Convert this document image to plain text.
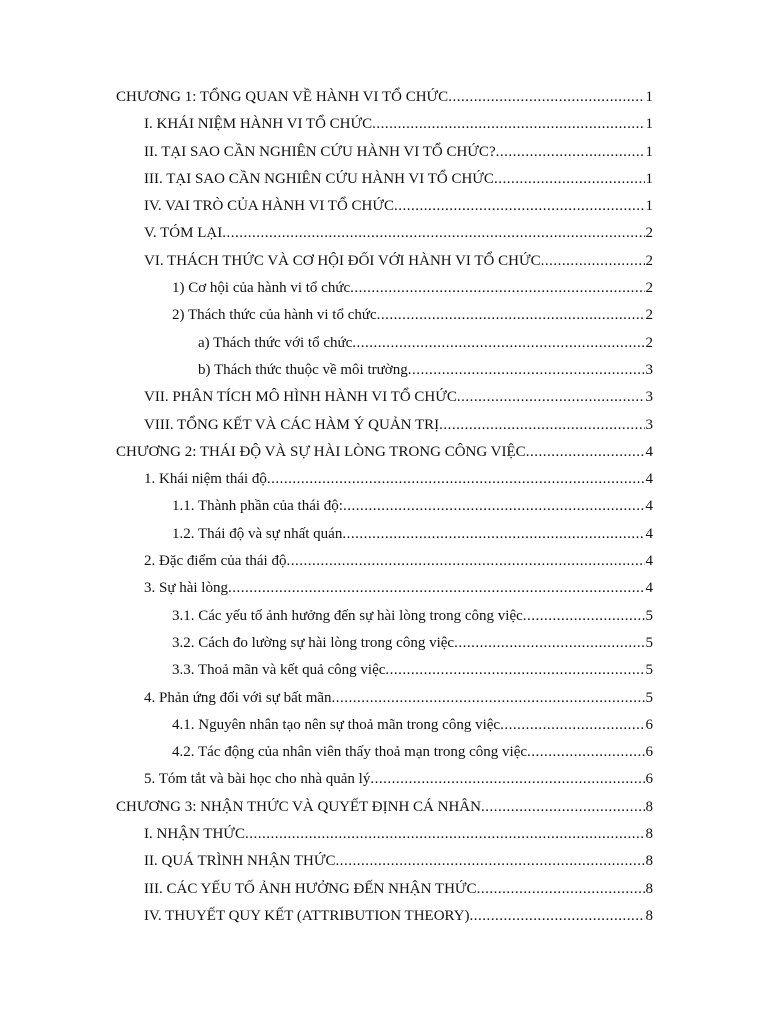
CHƯƠNG 1: TỔNG QUAN VỀ HÀNH VI TỔ CHỨC .....	1
I. KHÁI NIỆM HÀNH VI TỔ CHỨC .....	1
II. TẠI SAO CẦN NGHIÊN CỨU HÀNH VI TỔ CHỨC? .....	1
III. TẠI SAO CẦN NGHIÊN CỨU HÀNH VI TỔ CHỨC .....	1
IV. VAI TRÒ CỦA HÀNH VI TỔ CHỨC .....	1
V. TÓM LẠI .....	2
VI. THÁCH THỨC VÀ CƠ HỘI ĐỐI VỚI HÀNH VI TỔ CHỨC .....	2
1) Cơ hội của hành vi tổ chức .....	2
2) Thách thức của hành vi tổ chức .....	2
a) Thách thức với tổ chức .....	2
b) Thách thức thuộc về môi trường .....	3
VII. PHÂN TÍCH MÔ HÌNH HÀNH VI TỔ CHỨC .....	3
VIII. TỔNG KẾT VÀ CÁC HÀM Ý QUẢN TRỊ .....	3
CHƯƠNG 2: THÁI ĐỘ VÀ SỰ HÀI LÒNG TRONG CÔNG VIỆC .....	4
1. Khái niệm thái độ .....	4
1.1. Thành phần của thái độ: .....	4
1.2. Thái độ và sự nhất quán .....	4
2. Đặc điểm của thái độ .....	4
3. Sự hài lòng .....	4
3.1. Các yếu tố ảnh hưởng đến sự hài lòng trong công việc .....	5
3.2. Cách đo lường sự hài lòng trong công việc .....	5
3.3. Thoả mãn và kết quả công việc .....	5
4. Phản ứng đối với sự bất mãn .....	5
4.1. Nguyên nhân tạo nên sự thoả mãn trong công việc .....	6
4.2. Tác động của nhân viên thấy thoả mạn trong công việc .....	6
5. Tóm tắt và bài học cho nhà quản lý .....	6
CHƯƠNG 3: NHẬN THỨC VÀ QUYẾT ĐỊNH CÁ NHÂN .....	8
I. NHẬN THỨC .....	8
II. QUÁ TRÌNH NHẬN THỨC .....	8
III. CÁC YẾU TỐ ẢNH HƯỞNG ĐẾN NHẬN THỨC .....	8
IV. THUYẾT QUY KẾT (ATTRIBUTION THEORY) .....	8
